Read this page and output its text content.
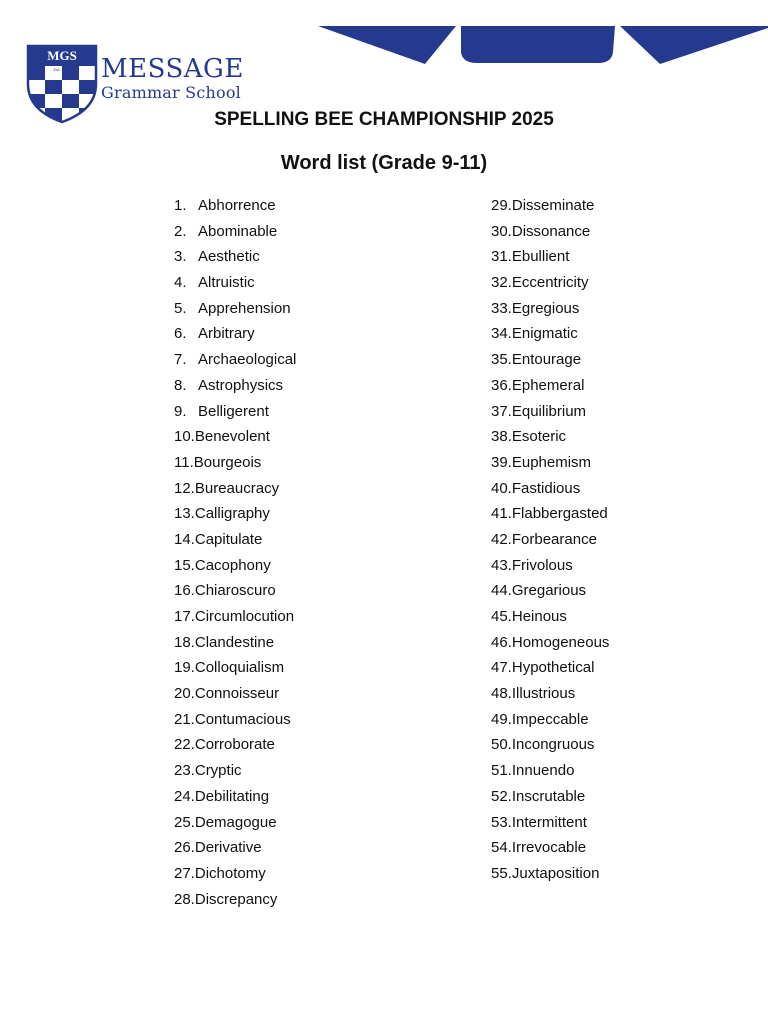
MGS
Est. 2018 MESSAGE
Grammar School
SPELLING BEE CHAMPIONSHIP 2025
Word list (Grade 9-11)
1. Abhorrence
2. Abominable
3. Aesthetic
4. Altruistic
5. Apprehension
6. Arbitrary
7. Archaeological
8. Astrophysics
9. Belligerent
10.Benevolent
11.Bourgeois
12.Bureaucracy
13.Calligraphy
14.Capitulate
15.Cacophony
16.Chiaroscuro
17.Circumlocution
18.Clandestine
19.Colloquialism
20.Connoisseur
21.Contumacious
22.Corroborate
23.Cryptic
24.Debilitating
25.Demagogue
26.Derivative
27.Dichotomy
28.Discrepancy
29.Disseminate
30.Dissonance
31.Ebullient
32.Eccentricity
33.Egregious
34.Enigmatic
35.Entourage
36.Ephemeral
37.Equilibrium
38.Esoteric
39.Euphemism
40.Fastidious
41.Flabbergasted
42.Forbearance
43.Frivolous
44.Gregarious
45.Heinous
46.Homogeneous
47.Hypothetical
48.Illustrious
49.Impeccable
50.Incongruous
51.Innuendo
52.Inscrutable
53.Intermittent
54.Irrevocable
55.Juxtaposition
